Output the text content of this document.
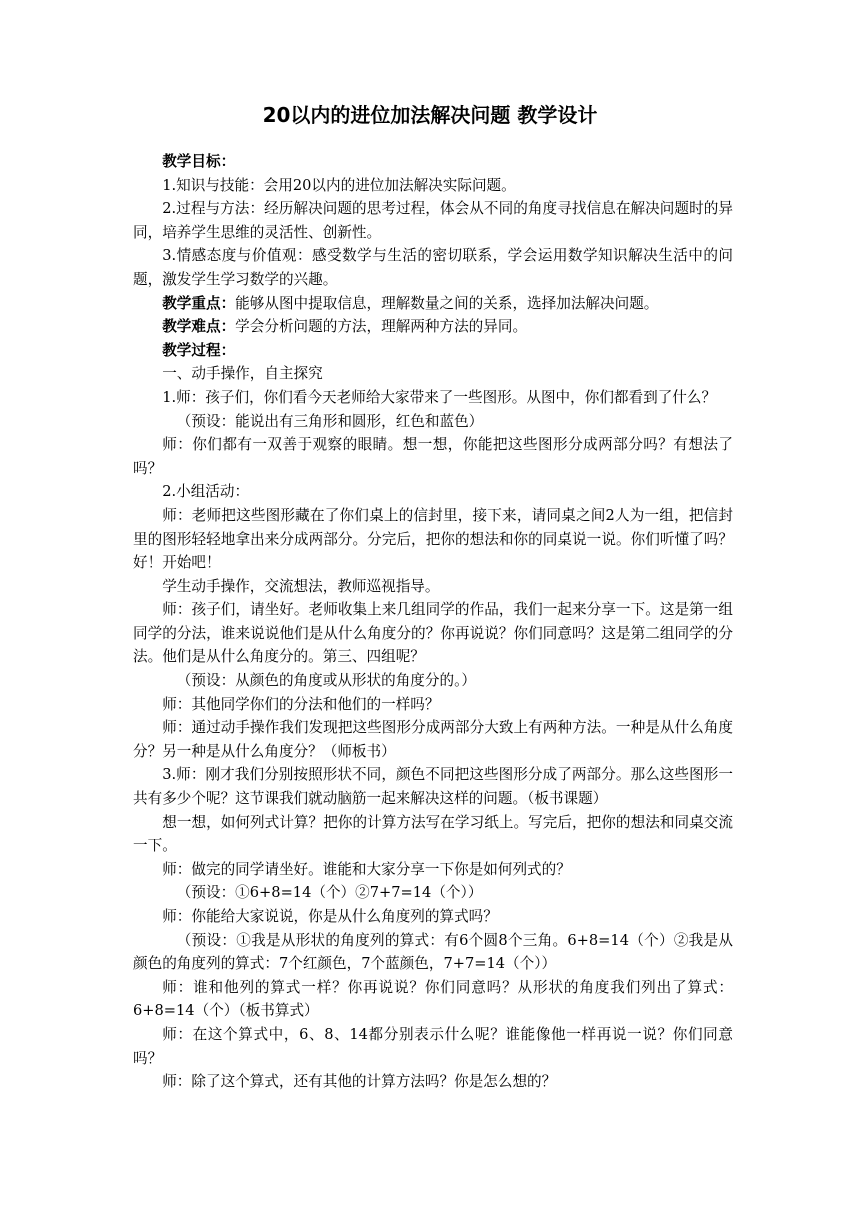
20以内的进位加法解决问题 教学设计

教学目标：

1.知识与技能：会用20以内的进位加法解决实际问题。

2.过程与方法：经历解决问题的思考过程，体会从不同的角度寻找信息在解决问题时的异同，培养学生思维的灵活性、创新性。

3.情感态度与价值观：感受数学与生活的密切联系，学会运用数学知识解决生活中的问题，激发学生学习数学的兴趣。

教学重点：能够从图中提取信息，理解数量之间的关系，选择加法解决问题。

教学难点：学会分析问题的方法，理解两种方法的异同。

教学过程：

一、动手操作，自主探究

1.师：孩子们，你们看今天老师给大家带来了一些图形。从图中，你们都看到了什么？

（预设：能说出有三角形和圆形，红色和蓝色）

师：你们都有一双善于观察的眼睛。想一想，你能把这些图形分成两部分吗？有想法了吗？

2.小组活动：

师：老师把这些图形藏在了你们桌上的信封里，接下来，请同桌之间2人为一组，把信封里的图形轻轻地拿出来分成两部分。分完后，把你的想法和你的同桌说一说。你们听懂了吗？好！开始吧！

学生动手操作，交流想法，教师巡视指导。

师：孩子们，请坐好。老师收集上来几组同学的作品，我们一起来分享一下。这是第一组同学的分法，谁来说说他们是从什么角度分的？你再说说？你们同意吗？这是第二组同学的分法。他们是从什么角度分的。第三、四组呢？

（预设：从颜色的角度或从形状的角度分的。）

师：其他同学你们的分法和他们的一样吗？

师：通过动手操作我们发现把这些图形分成两部分大致上有两种方法。一种是从什么角度分？另一种是从什么角度分？（师板书）

3.师：刚才我们分别按照形状不同，颜色不同把这些图形分成了两部分。那么这些图形一共有多少个呢？这节课我们就动脑筋一起来解决这样的问题。（板书课题）

想一想，如何列式计算？把你的计算方法写在学习纸上。写完后，把你的想法和同桌交流一下。

师：做完的同学请坐好。谁能和大家分享一下你是如何列式的？

（预设：①6+8=14（个）②7+7=14（个））

师：你能给大家说说，你是从什么角度列的算式吗？

（预设：①我是从形状的角度列的算式：有6个圆8个三角。6+8=14（个）②我是从颜色的角度列的算式：7个红颜色，7个蓝颜色，7+7=14（个））

师：谁和他列的算式一样？你再说说？你们同意吗？从形状的角度我们列出了算式： 6+8=14（个）（板书算式）

师：在这个算式中，6、8、14都分别表示什么呢？谁能像他一样再说一说？你们同意吗？

师：除了这个算式，还有其他的计算方法吗？你是怎么想的？
